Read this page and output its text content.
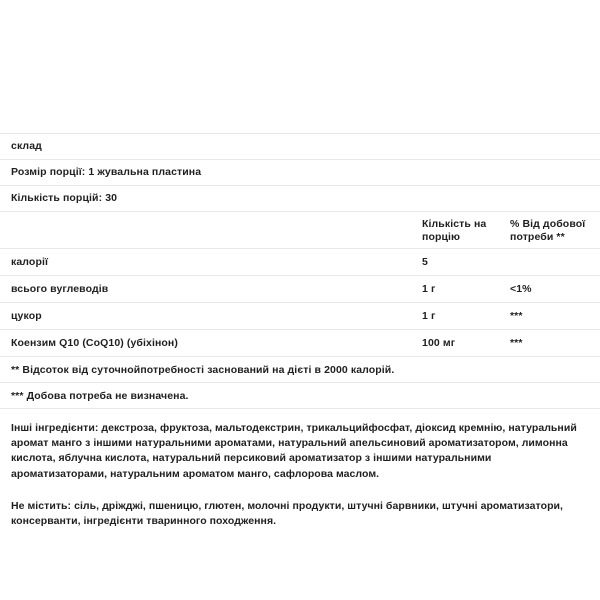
склад
Розмір порції: 1 жувальна пластина
Кількість порцій: 30
	Кількість на порцію	% Від добової потреби **
калорії	5	
всього вуглеводів	1 г	<1%
цукор	1 г	***
Коензим Q10 (CoQ10) (убіхінон)	100 мг	***
** Відсоток від суточнойпотребності заснований на дієті в 2000 калорій.
*** Добова потреба не визначена.
Інші інгредієнти: декстроза, фруктоза, мальтодекстрин, трикальцийфосфат, діоксид кремнію, натуральний аромат манго з іншими натуральними ароматами, натуральний апельсиновий ароматизатором, лимонна кислота, яблучна кислота, натуральний персиковий ароматизатор з іншими натуральними ароматизаторами, натуральним ароматом манго, сафлорова маслом.
Не містить: сіль, дріжджі, пшеницю, глютен, молочні продукти, штучні барвники, штучні ароматизатори, консерванти, інгредієнти тваринного походження.
